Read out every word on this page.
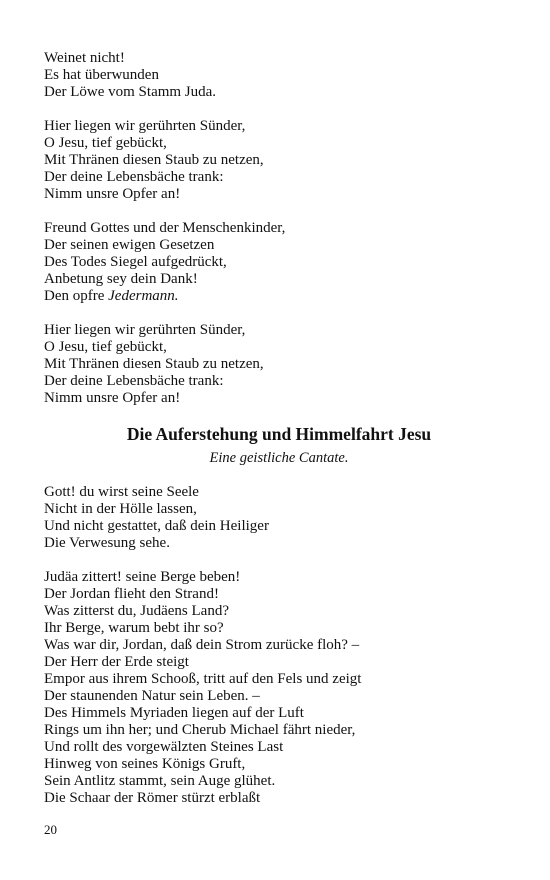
Weinet nicht!
Es hat überwunden
Der Löwe vom Stamm Juda.
Hier liegen wir gerührten Sünder,
O Jesu, tief gebückt,
Mit Thränen diesen Staub zu netzen,
Der deine Lebensbäche trank:
Nimm unsre Opfer an!
Freund Gottes und der Menschenkinder,
Der seinen ewigen Gesetzen
Des Todes Siegel aufgedrückt,
Anbetung sey dein Dank!
Den opfre Jedermann.
Hier liegen wir gerührten Sünder,
O Jesu, tief gebückt,
Mit Thränen diesen Staub zu netzen,
Der deine Lebensbäche trank:
Nimm unsre Opfer an!
Die Auferstehung und Himmelfahrt Jesu
Eine geistliche Cantate.
Gott! du wirst seine Seele
Nicht in der Hölle lassen,
Und nicht gestattet, daß dein Heiliger
Die Verwesung sehe.
Judäa zittert! seine Berge beben!
Der Jordan flieht den Strand!
Was zitterst du, Judäens Land?
Ihr Berge, warum bebt ihr so?
Was war dir, Jordan, daß dein Strom zurücke floh? –
Der Herr der Erde steigt
Empor aus ihrem Schooß, tritt auf den Fels und zeigt
Der staunenden Natur sein Leben. –
Des Himmels Myriaden liegen auf der Luft
Rings um ihn her; und Cherub Michael fährt nieder,
Und rollt des vorgewälzten Steines Last
Hinweg von seines Königs Gruft,
Sein Antlitz stammt, sein Auge glühet.
Die Schaar der Römer stürzt erblaßt
20
